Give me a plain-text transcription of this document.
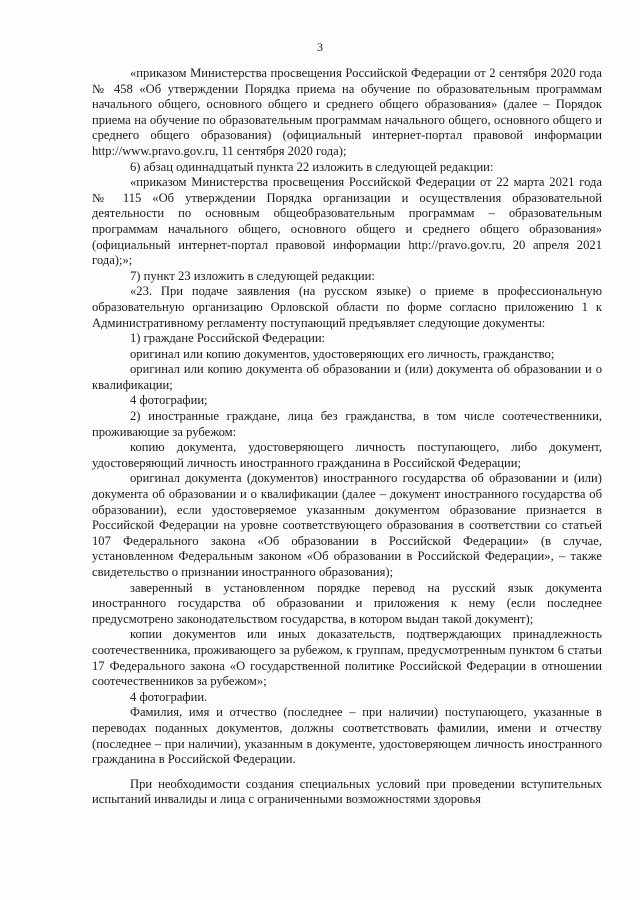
3

«приказом Министерства просвещения Российской Федерации от 2 сентября 2020 года № 458 «Об утверждении Порядка приема на обучение по образовательным программам начального общего, основного общего и среднего общего образования» (далее – Порядок приема на обучение по образовательным программам начального общего, основного общего и среднего общего образования) (официальный интернет-портал правовой информации http://www.pravo.gov.ru, 11 сентября 2020 года);

6) абзац одиннадцатый пункта 22 изложить в следующей редакции:

«приказом Министерства просвещения Российской Федерации от 22 марта 2021 года № 115 «Об утверждении Порядка организации и осуществления образовательной деятельности по основным общеобразовательным программам – образовательным программам начального общего, основного общего и среднего общего образования» (официальный интернет-портал правовой информации http://pravo.gov.ru, 20 апреля 2021 года);»;

7) пункт 23 изложить в следующей редакции:

«23. При подаче заявления (на русском языке) о приеме в профессиональную образовательную организацию Орловской области по форме согласно приложению 1 к Административному регламенту поступающий предъявляет следующие документы:

1) граждане Российской Федерации:

оригинал или копию документов, удостоверяющих его личность, гражданство;

оригинал или копию документа об образовании и (или) документа об образовании и о квалификации;

4 фотографии;

2) иностранные граждане, лица без гражданства, в том числе соотечественники, проживающие за рубежом:

копию документа, удостоверяющего личность поступающего, либо документ, удостоверяющий личность иностранного гражданина в Российской Федерации;

оригинал документа (документов) иностранного государства об образовании и (или) документа об образовании и о квалификации (далее – документ иностранного государства об образовании), если удостоверяемое указанным документом образование признается в Российской Федерации на уровне соответствующего образования в соответствии со статьей 107 Федерального закона «Об образовании в Российской Федерации» (в случае, установленном Федеральным законом «Об образовании в Российской Федерации», – также свидетельство о признании иностранного образования);

заверенный в установленном порядке перевод на русский язык документа иностранного государства об образовании и приложения к нему (если последнее предусмотрено законодательством государства, в котором выдан такой документ);

копии документов или иных доказательств, подтверждающих принадлежность соотечественника, проживающего за рубежом, к группам, предусмотренным пунктом 6 статьи 17 Федерального закона «О государственной политике Российской Федерации в отношении соотечественников за рубежом»;

4 фотографии.

Фамилия, имя и отчество (последнее – при наличии) поступающего, указанные в переводах поданных документов, должны соответствовать фамилии, имени и отчеству (последнее – при наличии), указанным в документе, удостоверяющем личность иностранного гражданина в Российской Федерации.

При необходимости создания специальных условий при проведении вступительных испытаний инвалиды и лица с ограниченными возможностями здоровья
